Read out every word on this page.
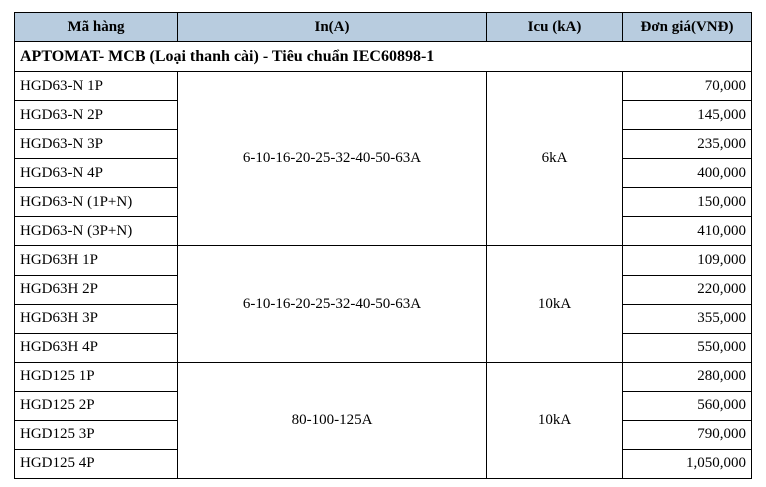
Mã hàng	In(A)	Icu (kA)	Đơn giá(VNĐ)
APTOMAT- MCB (Loại thanh cài) - Tiêu chuẩn IEC60898-1			
HGD63-N 1P	6-10-16-20-25-32-40-50-63A	6kA	70,000
HGD63-N 2P			145,000
HGD63-N 3P			235,000
HGD63-N 4P			400,000
HGD63-N (1P+N)			150,000
HGD63-N (3P+N)			410,000
HGD63H 1P	6-10-16-20-25-32-40-50-63A	10kA	109,000
HGD63H 2P			220,000
HGD63H 3P			355,000
HGD63H 4P			550,000
HGD125 1P	80-100-125A	10kA	280,000
HGD125 2P			560,000
HGD125 3P			790,000
HGD125 4P			1,050,000
